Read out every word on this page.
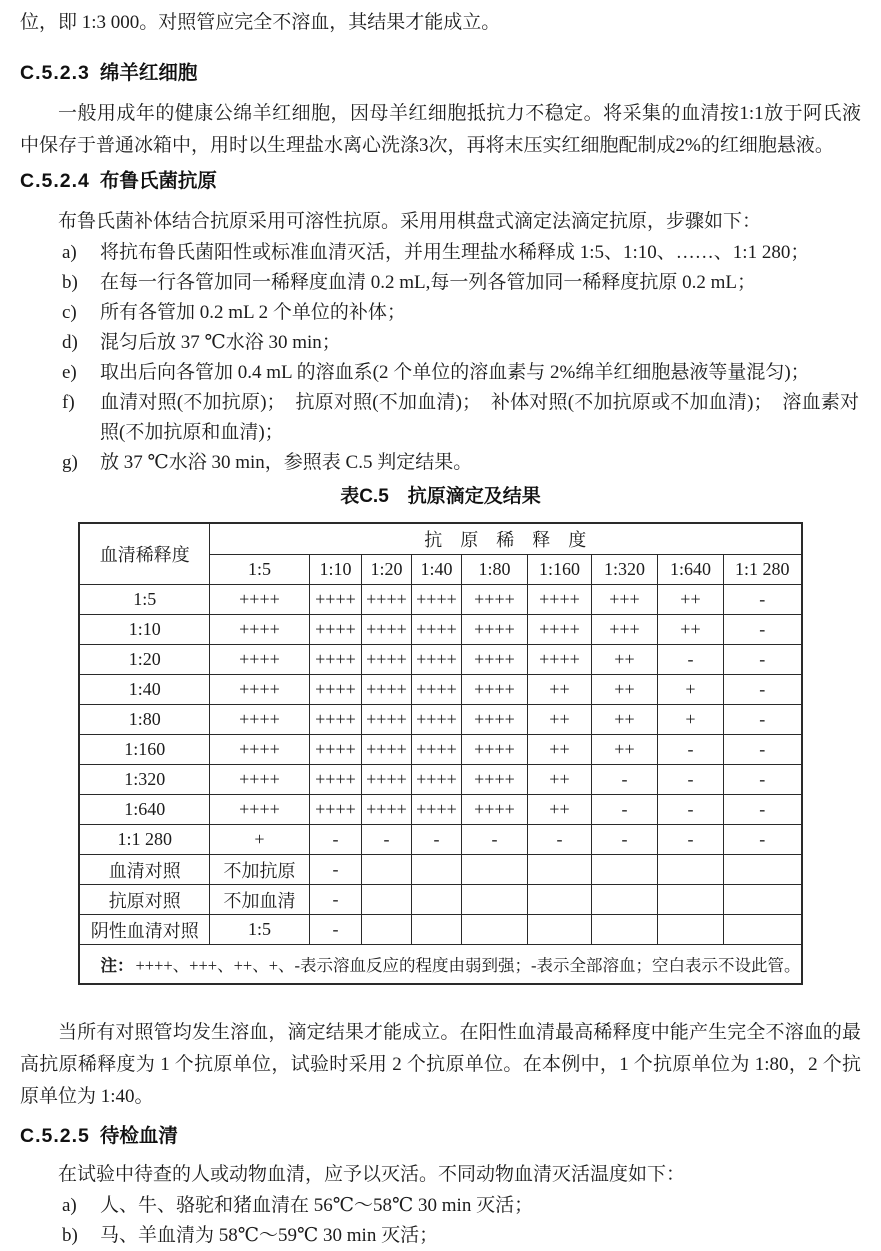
位，即 1:3 000。对照管应完全不溶血，其结果才能成立。

C.5.2.3 绵羊红细胞

一般用成年的健康公绵羊红细胞，因母羊红细胞抵抗力不稳定。将采集的血清按1:1放于阿氏液中保存于普通冰箱中，用时以生理盐水离心洗涤3次，再将末压实红细胞配制成2%的红细胞悬液。

C.5.2.4 布鲁氏菌抗原

布鲁氏菌补体结合抗原采用可溶性抗原。采用用棋盘式滴定法滴定抗原，步骤如下：

a)	将抗布鲁氏菌阳性或标准血清灭活，并用生理盐水稀释成 1:5、1:10、……、1:1 280；
b)	在每一行各管加同一稀释度血清 0.2 mL,每一列各管加同一稀释度抗原 0.2 mL；
c)	所有各管加 0.2 mL 2 个单位的补体；
d)	混匀后放 37 ℃水浴 30 min；
e)	取出后向各管加 0.4 mL 的溶血系(2 个单位的溶血素与 2%绵羊红细胞悬液等量混匀)；
f)	血清对照(不加抗原)；　抗原对照(不加血清)；　补体对照(不加抗原或不加血清)；　溶血素对照(不加抗原和血清)；
g)	放 37 ℃水浴 30 min，参照表 C.5 判定结果。
表C.5　抗原滴定及结果
血清稀释度	抗原稀释度								
	1:5	1:10	1:20	1:40	1:80	1:160	1:320	1:640	1:1 280
1:5	++++	++++	++++	++++	++++	++++	+++	++	-
1:10	++++	++++	++++	++++	++++	++++	+++	++	-
1:20	++++	++++	++++	++++	++++	++++	++	-	-
1:40	++++	++++	++++	++++	++++	++	++	+	-
1:80	++++	++++	++++	++++	++++	++	++	+	-
1:160	++++	++++	++++	++++	++++	++	++	-	-
1:320	++++	++++	++++	++++	++++	++	-	-	-
1:640	++++	++++	++++	++++	++++	++	-	-	-
1:1 280	+	-	-	-	-	-	-	-	-
血清对照	不加抗原	-							
抗原对照	不加血清	-							
阴性血清对照	1:5	-							
注： ++++、+++、++、+、-表示溶血反应的程度由弱到强；-表示全部溶血；空白表示不设此管。									

当所有对照管均发生溶血，滴定结果才能成立。在阳性血清最高稀释度中能产生完全不溶血的最高抗原稀释度为 1 个抗原单位，试验时采用 2 个抗原单位。在本例中，1 个抗原单位为 1:80，2 个抗原单位为 1:40。

C.5.2.5 待检血清

在试验中待查的人或动物血清，应予以灭活。不同动物血清灭活温度如下：

a)	人、牛、骆驼和猪血清在 56℃～58℃ 30 min 灭活；
b)	马、羊血清为 58℃～59℃ 30 min 灭活；
